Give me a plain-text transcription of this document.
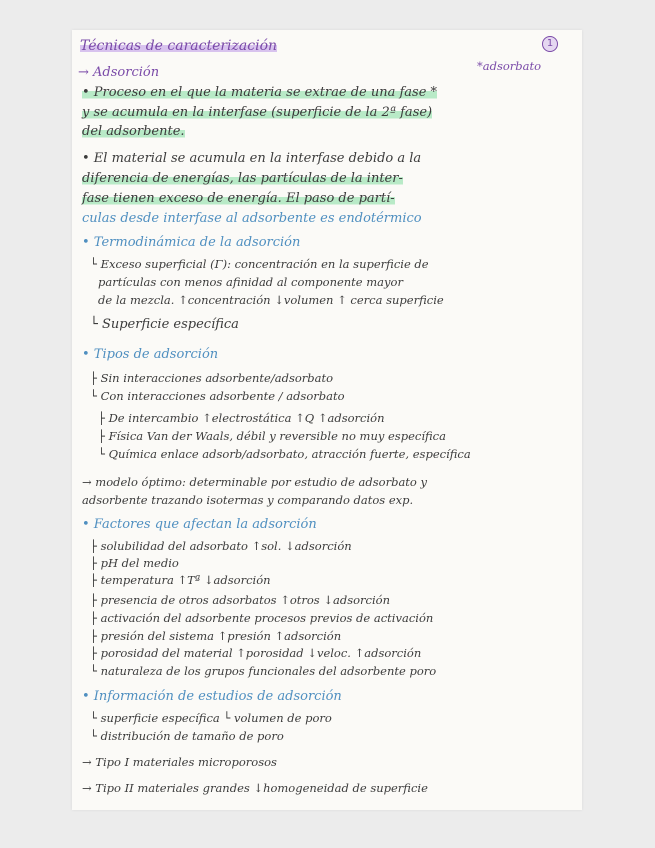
1
*adsorbato
Técnicas de caracterización
→ Adsorción
• Proceso en el que la materia se extrae de una fase *
y se acumula en la interfase (superficie de la 2ª fase)
del adsorbente.
• El material se acumula en la interfase debido a la
diferencia de energías, las partículas de la inter-
fase tienen exceso de energía. El paso de partí-
culas desde interfase al adsorbente es endotérmico
• Termodinámica de la adsorción
└ Exceso superficial (Γ): concentración en la superficie de
partículas con menos afinidad al componente mayor
de la mezcla. ↑concentración ↓volumen ↑ cerca superficie
└ Superficie específica
• Tipos de adsorción
├ Sin interacciones adsorbente/adsorbato
└ Con interacciones adsorbente / adsorbato
├ De intercambio ↑electrostática ↑Q ↑adsorción
├ Física Van der Waals, débil y reversible no muy específica
└ Química enlace adsorb/adsorbato, atracción fuerte, específica
→ modelo óptimo: determinable por estudio de adsorbato y
adsorbente trazando isotermas y comparando datos exp.
• Factores que afectan la adsorción
├ solubilidad del adsorbato ↑sol. ↓adsorción
├ pH del medio
├ temperatura ↑Tª ↓adsorción
├ presencia de otros adsorbatos ↑otros ↓adsorción
├ activación del adsorbente procesos previos de activación
├ presión del sistema ↑presión ↑adsorción
├ porosidad del material ↑porosidad ↓veloc. ↑adsorción
└ naturaleza de los grupos funcionales del adsorbente poro
• Información de estudios de adsorción
└ superficie específica └ volumen de poro
└ distribución de tamaño de poro
→ Tipo I materiales microporosos
→ Tipo II materiales grandes ↓homogeneidad de superficie
